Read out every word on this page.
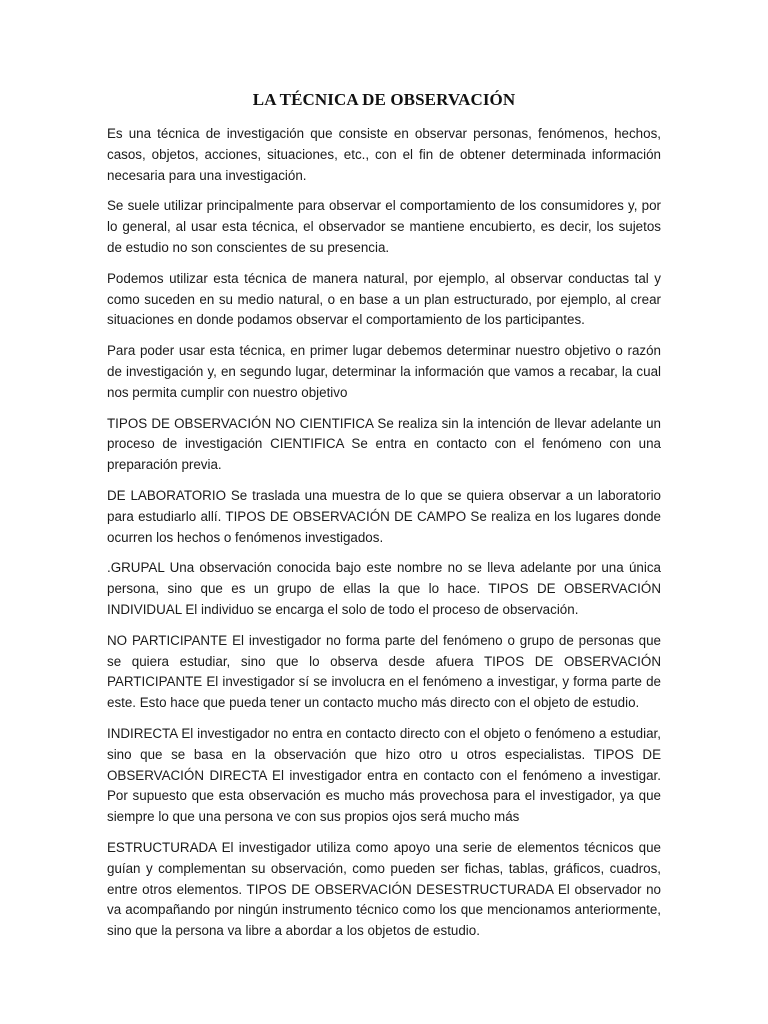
LA TÉCNICA DE OBSERVACIÓN

Es una técnica de investigación que consiste en observar personas, fenómenos, hechos, casos, objetos, acciones, situaciones, etc., con el fin de obtener determinada información necesaria para una investigación.

Se suele utilizar principalmente para observar el comportamiento de los consumidores y, por lo general, al usar esta técnica, el observador se mantiene encubierto, es decir, los sujetos de estudio no son conscientes de su presencia.

Podemos utilizar esta técnica de manera natural, por ejemplo, al observar conductas tal y como suceden en su medio natural, o en base a un plan estructurado, por ejemplo, al crear situaciones en donde podamos observar el comportamiento de los participantes.

Para poder usar esta técnica, en primer lugar debemos determinar nuestro objetivo o razón de investigación y, en segundo lugar, determinar la información que vamos a recabar, la cual nos permita cumplir con nuestro objetivo

TIPOS DE OBSERVACIÓN NO CIENTIFICA Se realiza sin la intención de llevar adelante un proceso de investigación CIENTIFICA Se entra en contacto con el fenómeno con una preparación previa.

DE LABORATORIO Se traslada una muestra de lo que se quiera observar a un laboratorio para estudiarlo allí. TIPOS DE OBSERVACIÓN DE CAMPO Se realiza en los lugares donde ocurren los hechos o fenómenos investigados.

.GRUPAL Una observación conocida bajo este nombre no se lleva adelante por una única persona, sino que es un grupo de ellas la que lo hace. TIPOS DE OBSERVACIÓN INDIVIDUAL El individuo se encarga el solo de todo el proceso de observación.

NO PARTICIPANTE El investigador no forma parte del fenómeno o grupo de personas que se quiera estudiar, sino que lo observa desde afuera TIPOS DE OBSERVACIÓN PARTICIPANTE El investigador sí se involucra en el fenómeno a investigar, y forma parte de este. Esto hace que pueda tener un contacto mucho más directo con el objeto de estudio.

INDIRECTA El investigador no entra en contacto directo con el objeto o fenómeno a estudiar, sino que se basa en la observación que hizo otro u otros especialistas. TIPOS DE OBSERVACIÓN DIRECTA El investigador entra en contacto con el fenómeno a investigar. Por supuesto que esta observación es mucho más provechosa para el investigador, ya que siempre lo que una persona ve con sus propios ojos será mucho más

ESTRUCTURADA El investigador utiliza como apoyo una serie de elementos técnicos que guían y complementan su observación, como pueden ser fichas, tablas, gráficos, cuadros, entre otros elementos. TIPOS DE OBSERVACIÓN DESESTRUCTURADA El observador no va acompañando por ningún instrumento técnico como los que mencionamos anteriormente, sino que la persona va libre a abordar a los objetos de estudio.
